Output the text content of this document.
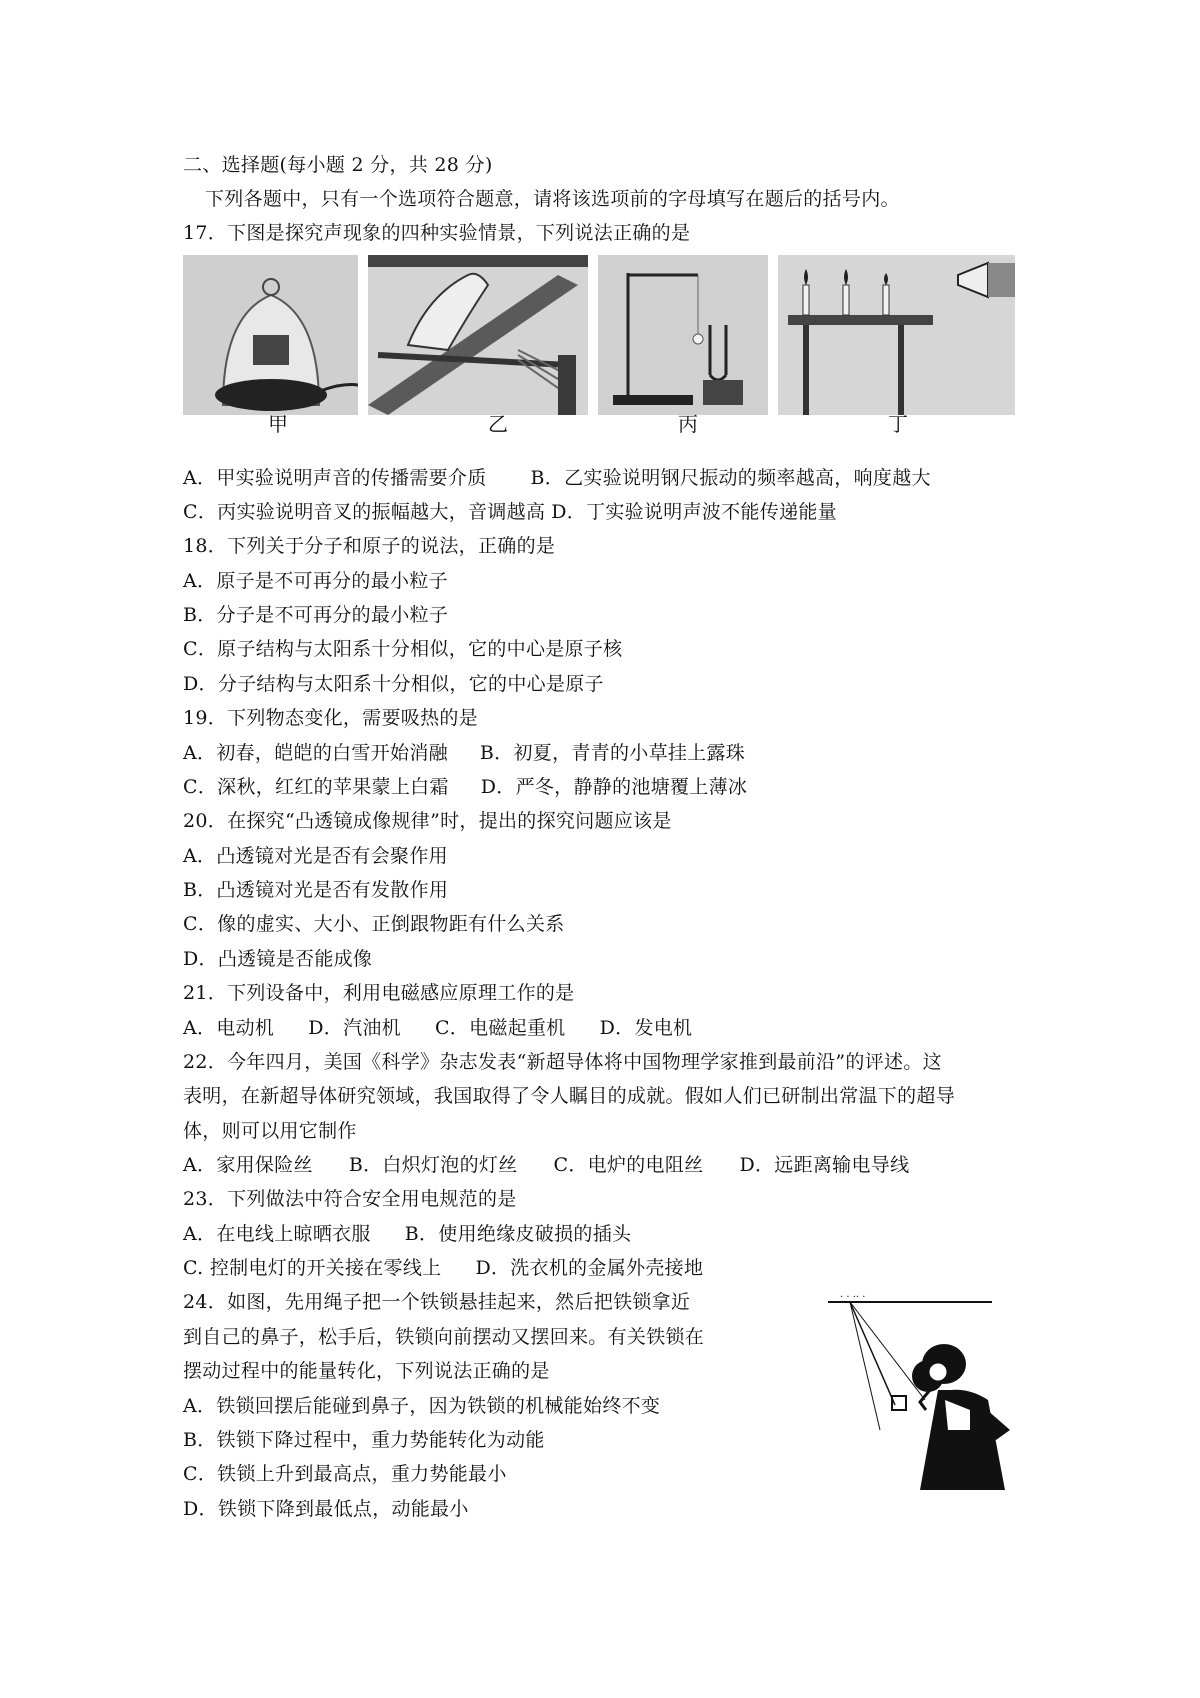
二、选择题(每小题 2 分，共 28 分)
下列各题中，只有一个选项符合题意，请将该选项前的字母填写在题后的括号内。
17．下图是探究声现象的四种实验情景，下列说法正确的是
甲	乙	丙	丁
A．甲实验说明声音的传播需要介质 B．乙实验说明钢尺振动的频率越高，响度越大
C．丙实验说明音叉的振幅越大，音调越高 D．丁实验说明声波不能传递能量
18．下列关于分子和原子的说法，正确的是
A．原子是不可再分的最小粒子
B．分子是不可再分的最小粒子
C．原子结构与太阳系十分相似，它的中心是原子核
D．分子结构与太阳系十分相似，它的中心是原子
19．下列物态变化，需要吸热的是
A．初春，皑皑的白雪开始消融 B．初夏，青青的小草挂上露珠
C．深秋，红红的苹果蒙上白霜 D．严冬，静静的池塘覆上薄冰
20．在探究“凸透镜成像规律”时，提出的探究问题应该是
A．凸透镜对光是否有会聚作用
B．凸透镜对光是否有发散作用
C．像的虚实、大小、正倒跟物距有什么关系
D．凸透镜是否能成像
21．下列设备中，利用电磁感应原理工作的是
A．电动机 D．汽油机 C．电磁起重机 D．发电机
22．今年四月，美国《科学》杂志发表“新超导体将中国物理学家推到最前沿”的评述。这
表明，在新超导体研究领域，我国取得了令人瞩目的成就。假如人们已研制出常温下的超导
体，则可以用它制作
A．家用保险丝 B．白炽灯泡的灯丝 C．电炉的电阻丝 D．远距离输电导线
23．下列做法中符合安全用电规范的是
A．在电线上晾晒衣服 B．使用绝缘皮破损的插头
C. 控制电灯的开关接在零线上 D．洗衣机的金属外壳接地
24．如图，先用绳子把一个铁锁悬挂起来，然后把铁锁拿近
到自己的鼻子，松手后，铁锁向前摆动又摆回来。有关铁锁在
摆动过程中的能量转化，下列说法正确的是
A．铁锁回摆后能碰到鼻子，因为铁锁的机械能始终不变
B．铁锁下降过程中，重力势能转化为动能
C．铁锁上升到最高点，重力势能最小
D．铁锁下降到最低点，动能最小
· · ·· ·
